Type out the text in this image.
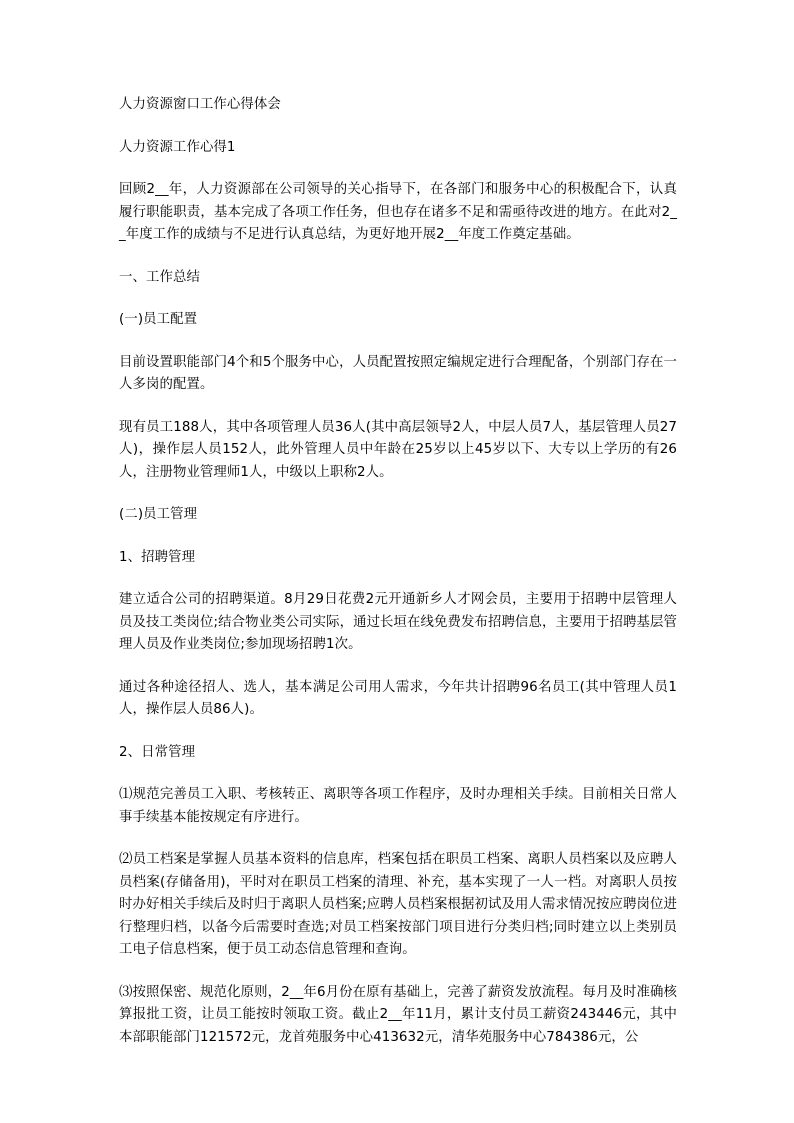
人力资源窗口工作心得体会

人力资源工作心得1

回顾2__年，人力资源部在公司领导的关心指导下，在各部门和服务中心的积极配合下，认真履行职能职责，基本完成了各项工作任务，但也存在诸多不足和需亟待改进的地方。在此对2__年度工作的成绩与不足进行认真总结，为更好地开展2__年度工作奠定基础。

一、工作总结

(一)员工配置

目前设置职能部门4个和5个服务中心，人员配置按照定编规定进行合理配备，个别部门存在一人多岗的配置。

现有员工188人，其中各项管理人员36人(其中高层领导2人，中层人员7人，基层管理人员27人)，操作层人员152人，此外管理人员中年龄在25岁以上45岁以下、大专以上学历的有26人，注册物业管理师1人，中级以上职称2人。

(二)员工管理

1、招聘管理

建立适合公司的招聘渠道。8月29日花费2元开通新乡人才网会员，主要用于招聘中层管理人员及技工类岗位;结合物业类公司实际，通过长垣在线免费发布招聘信息，主要用于招聘基层管理人员及作业类岗位;参加现场招聘1次。

通过各种途径招人、选人，基本满足公司用人需求，今年共计招聘96名员工(其中管理人员1人，操作层人员86人)。

2、日常管理

⑴规范完善员工入职、考核转正、离职等各项工作程序，及时办理相关手续。目前相关日常人事手续基本能按规定有序进行。

⑵员工档案是掌握人员基本资料的信息库，档案包括在职员工档案、离职人员档案以及应聘人员档案(存储备用)，平时对在职员工档案的清理、补充，基本实现了一人一档。对离职人员按时办好相关手续后及时归于离职人员档案;应聘人员档案根据初试及用人需求情况按应聘岗位进行整理归档，以备今后需要时查选;对员工档案按部门项目进行分类归档;同时建立以上类别员工电子信息档案，便于员工动态信息管理和查询。

⑶按照保密、规范化原则，2__年6月份在原有基础上，完善了薪资发放流程。每月及时准确核算报批工资，让员工能按时领取工资。截止2__年11月，累计支付员工薪资243446元，其中本部职能部门121572元，龙首苑服务中心413632元，清华苑服务中心784386元，公
